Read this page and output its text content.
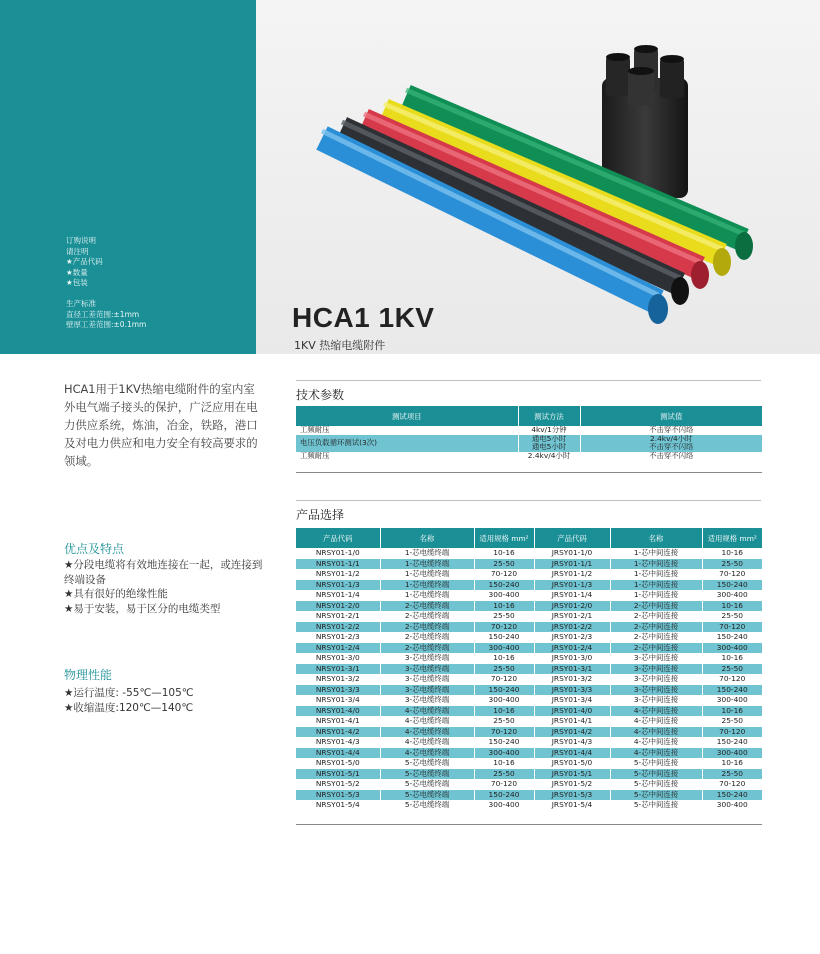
订购说明
请注明
★产品代码
★数量
★包装
生产标准
直径工差范围:±1mm
壁厚工差范围:±0.1mm	HCA1 1KV
1KV 热缩电缆附件
HCA1用于1KV热缩电缆附件的室内室外电气端子接头的保护，广泛应用在电力供应系统，炼油，冶金，铁路，港口及对电力供应和电力安全有较高要求的领域。
优点及特点
★分段电缆将有效地连接在一起，或连接到终端设备
★具有很好的绝缘性能
★易于安装，易于区分的电缆类型
物理性能
★运行温度: -55℃—105℃
★收缩温度:120℃—140℃
技术参数
测试项目	测试方法	测试值
工频耐压	4kv/1分钟	不击穿不闪络
电压负载循环测试(3次)	通电5小时	2.4kv/4小时
	通电5小时	不击穿不闪络
工频耐压	2.4kv/4小时	不击穿不闪络
产品选择
产品代码	名称	适用规格 mm²	产品代码	名称	适用规格 mm²
NRSY01-1/0	1-芯电缆终端	10-16	JRSY01-1/0	1-芯中间连接	10-16
NRSY01-1/1	1-芯电缆终端	25-50	JRSY01-1/1	1-芯中间连接	25-50
NRSY01-1/2	1-芯电缆终端	70-120	JRSY01-1/2	1-芯中间连接	70-120
NRSY01-1/3	1-芯电缆终端	150-240	JRSY01-1/3	1-芯中间连接	150-240
NRSY01-1/4	1-芯电缆终端	300-400	JRSY01-1/4	1-芯中间连接	300-400
NRSY01-2/0	2-芯电缆终端	10-16	JRSY01-2/0	2-芯中间连接	10-16
NRSY01-2/1	2-芯电缆终端	25-50	JRSY01-2/1	2-芯中间连接	25-50
NRSY01-2/2	2-芯电缆终端	70-120	JRSY01-2/2	2-芯中间连接	70-120
NRSY01-2/3	2-芯电缆终端	150-240	JRSY01-2/3	2-芯中间连接	150-240
NRSY01-2/4	2-芯电缆终端	300-400	JRSY01-2/4	2-芯中间连接	300-400
NRSY01-3/0	3-芯电缆终端	10-16	JRSY01-3/0	3-芯中间连接	10-16
NRSY01-3/1	3-芯电缆终端	25-50	JRSY01-3/1	3-芯中间连接	25-50
NRSY01-3/2	3-芯电缆终端	70-120	JRSY01-3/2	3-芯中间连接	70-120
NRSY01-3/3	3-芯电缆终端	150-240	JRSY01-3/3	3-芯中间连接	150-240
NRSY01-3/4	3-芯电缆终端	300-400	JRSY01-3/4	3-芯中间连接	300-400
NRSY01-4/0	4-芯电缆终端	10-16	JRSY01-4/0	4-芯中间连接	10-16
NRSY01-4/1	4-芯电缆终端	25-50	JRSY01-4/1	4-芯中间连接	25-50
NRSY01-4/2	4-芯电缆终端	70-120	JRSY01-4/2	4-芯中间连接	70-120
NRSY01-4/3	4-芯电缆终端	150-240	JRSY01-4/3	4-芯中间连接	150-240
NRSY01-4/4	4-芯电缆终端	300-400	JRSY01-4/4	4-芯中间连接	300-400
NRSY01-5/0	5-芯电缆终端	10-16	JRSY01-5/0	5-芯中间连接	10-16
NRSY01-5/1	5-芯电缆终端	25-50	JRSY01-5/1	5-芯中间连接	25-50
NRSY01-5/2	5-芯电缆终端	70-120	JRSY01-5/2	5-芯中间连接	70-120
NRSY01-5/3	5-芯电缆终端	150-240	JRSY01-5/3	5-芯中间连接	150-240
NRSY01-5/4	5-芯电缆终端	300-400	JRSY01-5/4	5-芯中间连接	300-400
